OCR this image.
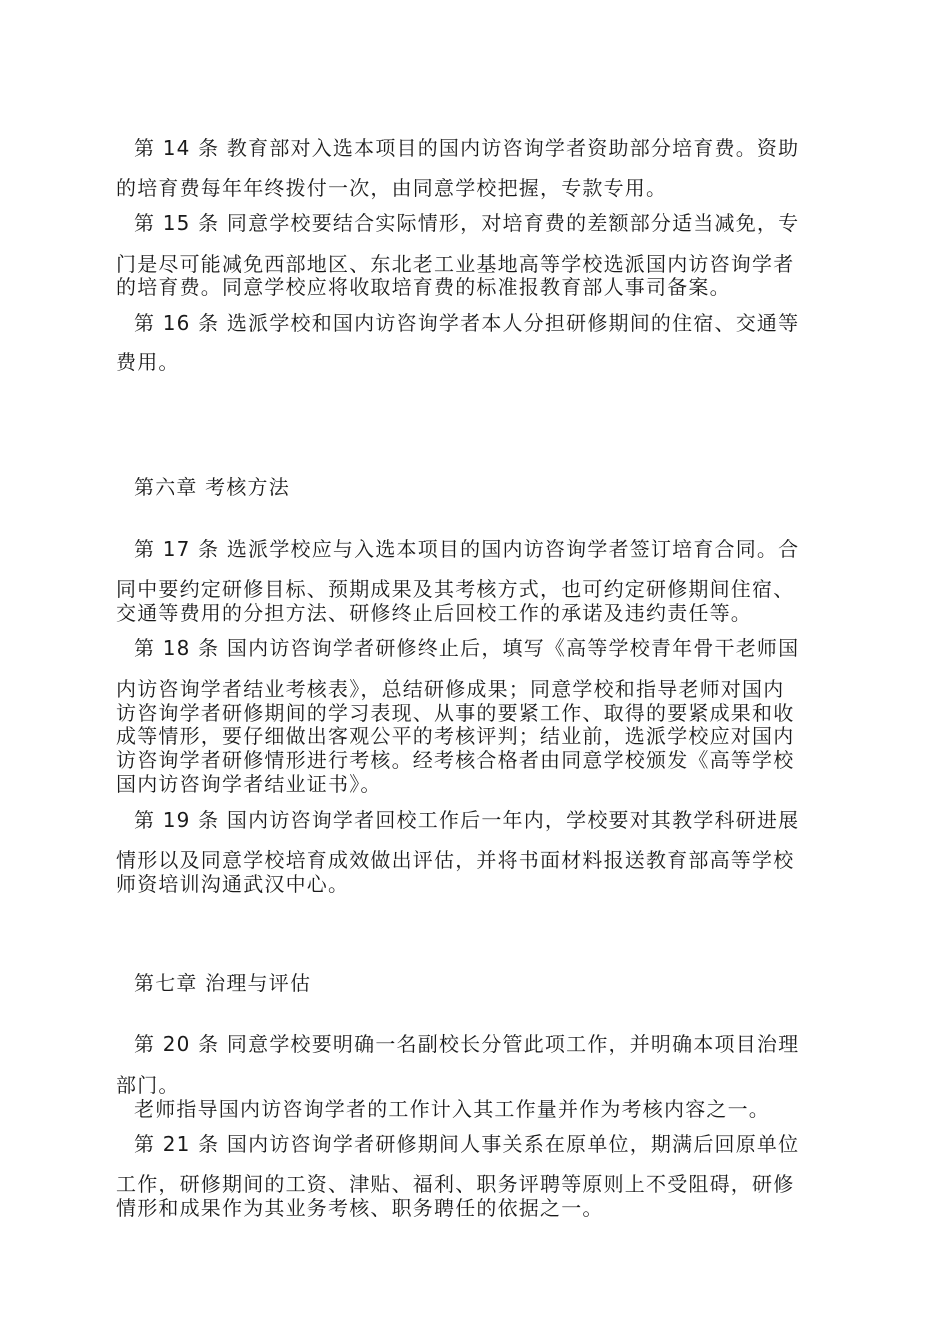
第 14 条 教育部对入选本项目的国内访咨询学者资助部分培育费。资助
的培育费每年年终拨付一次，由同意学校把握，专款专用。
第 15 条 同意学校要结合实际情形，对培育费的差额部分适当减免，专
门是尽可能减免西部地区、东北老工业基地高等学校选派国内访咨询学者
的培育费。同意学校应将收取培育费的标准报教育部人事司备案。
第 16 条 选派学校和国内访咨询学者本人分担研修期间的住宿、交通等
费用。
第六章 考核方法
第 17 条 选派学校应与入选本项目的国内访咨询学者签订培育合同。合
同中要约定研修目标、预期成果及其考核方式，也可约定研修期间住宿、
交通等费用的分担方法、研修终止后回校工作的承诺及违约责任等。
第 18 条 国内访咨询学者研修终止后，填写《高等学校青年骨干老师国
内访咨询学者结业考核表》，总结研修成果；同意学校和指导老师对国内
访咨询学者研修期间的学习表现、从事的要紧工作、取得的要紧成果和收
成等情形，要仔细做出客观公平的考核评判；结业前，选派学校应对国内
访咨询学者研修情形进行考核。经考核合格者由同意学校颁发《高等学校
国内访咨询学者结业证书》。
第 19 条 国内访咨询学者回校工作后一年内，学校要对其教学科研进展
情形以及同意学校培育成效做出评估，并将书面材料报送教育部高等学校
师资培训沟通武汉中心。
第七章 治理与评估
第 20 条 同意学校要明确一名副校长分管此项工作，并明确本项目治理
部门。
老师指导国内访咨询学者的工作计入其工作量并作为考核内容之一。
第 21 条 国内访咨询学者研修期间人事关系在原单位，期满后回原单位
工作，研修期间的工资、津贴、福利、职务评聘等原则上不受阻碍，研修
情形和成果作为其业务考核、职务聘任的依据之一。
